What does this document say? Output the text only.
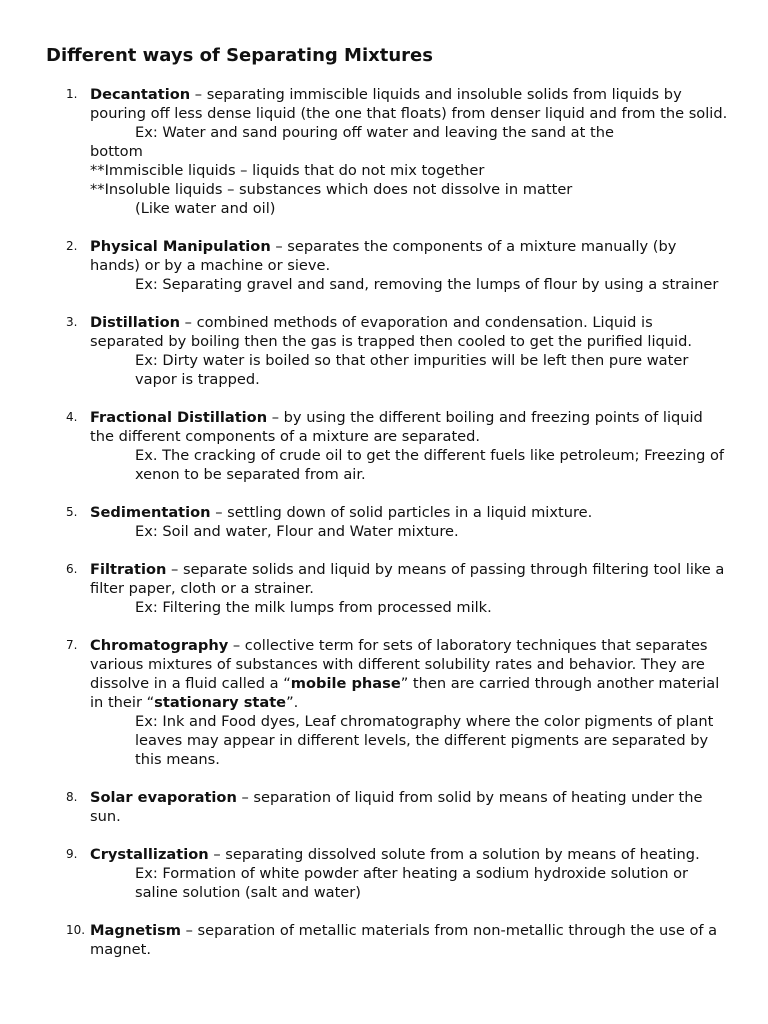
Different ways of Separating Mixtures
1. Decantation – separating immiscible liquids and insoluble solids from liquids by pouring off less dense liquid (the one that floats) from denser liquid and from the solid.

Ex: Water and sand pouring off water and leaving the sand at the

bottom

**Immiscible liquids – liquids that do not mix together

**Insoluble liquids – substances which does not dissolve in matter

(Like water and oil)

2. Physical Manipulation – separates the components of a mixture manually (by hands) or by a machine or sieve.

Ex: Separating gravel and sand, removing the lumps of flour by using a strainer

3. Distillation – combined methods of evaporation and condensation. Liquid is separated by boiling then the gas is trapped then cooled to get the purified liquid.

Ex: Dirty water is boiled so that other impurities will be left then pure water vapor is trapped.

4. Fractional Distillation – by using the different boiling and freezing points of liquid the different components of a mixture are separated.

Ex. The cracking of crude oil to get the different fuels like petroleum; Freezing of xenon to be separated from air.

5. Sedimentation – settling down of solid particles in a liquid mixture.

Ex: Soil and water, Flour and Water mixture.

6. Filtration – separate solids and liquid by means of passing through filtering tool like a filter paper, cloth or a strainer.

Ex: Filtering the milk lumps from processed milk.

7. Chromatography – collective term for sets of laboratory techniques that separates various mixtures of substances with different solubility rates and behavior. They are dissolve in a fluid called a “mobile phase” then are carried through another material in their “stationary state”.

Ex: Ink and Food dyes, Leaf chromatography where the color pigments of plant leaves may appear in different levels, the different pigments are separated by this means.

8. Solar evaporation – separation of liquid from solid by means of heating under the sun.

9. Crystallization – separating dissolved solute from a solution by means of heating.

Ex: Formation of white powder after heating a sodium hydroxide solution or saline solution (salt and water)

10. Magnetism – separation of metallic materials from non-metallic through the use of a magnet.
